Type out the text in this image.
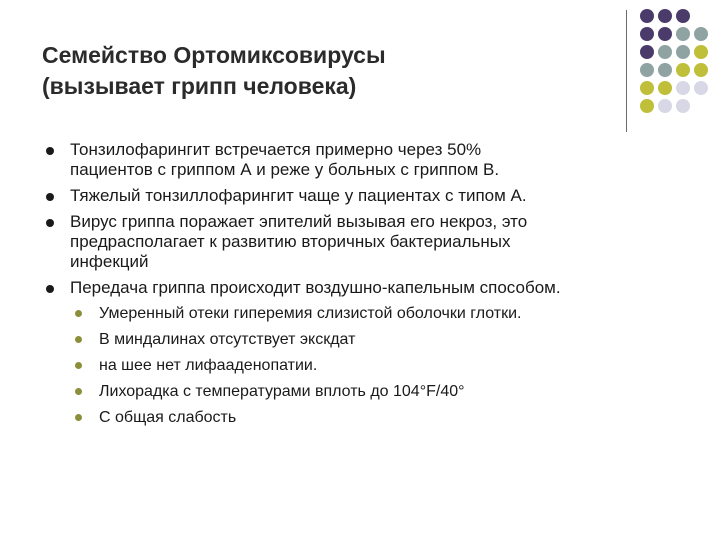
Семейство Ортомиксовирусы
(вызывает грипп человека)
Тонзилофарингит встречается примерно через 50%
пациентов с гриппом А и реже у больных с гриппом В.
Тяжелый тонзиллофарингит чаще у пациентах с типом А.
Вирус гриппа поражает эпителий вызывая его некроз, это
предрасполагает к развитию вторичных бактериальных
инфекций
Передача гриппа происходит воздушно-капельным способом.
Умеренный отеки гиперемия слизистой оболочки глотки.
В миндалинах отсутствует экскдат
на шее нет лифааденопатии.
Лихорадка с температурами вплоть до 104°F/40°
С общая слабость
